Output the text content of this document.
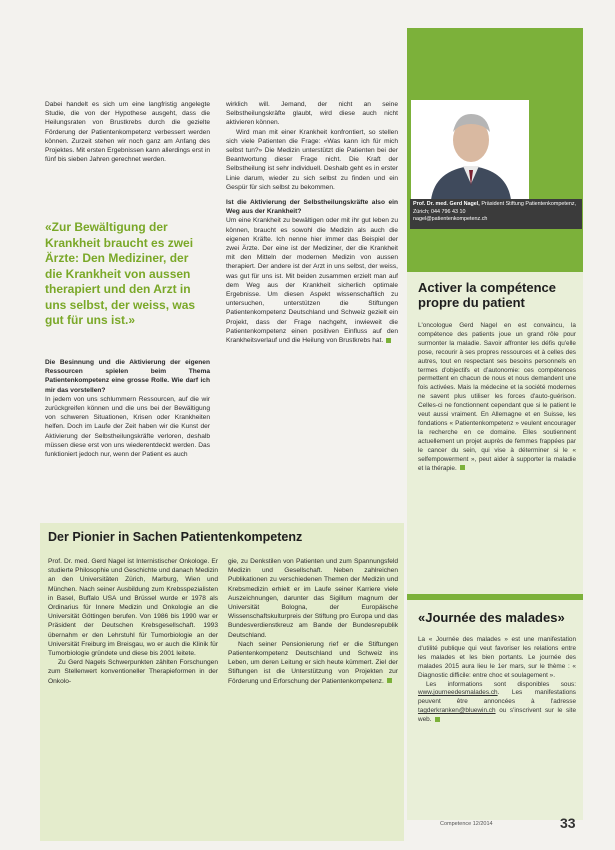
Dabei handelt es sich um eine langfristig angelegte Studie, die von der Hypothese ausgeht, dass die Heilungsraten von Brustkrebs durch die gezielte Förderung der Patientenkompetenz verbessert werden können. Zurzeit stehen wir noch ganz am Anfang des Projektes. Mit ersten Ergebnissen kann allerdings erst in fünf bis sieben Jahren gerechnet werden.

«Zur Bewältigung der Krankheit braucht es zwei Ärzte: Den Mediziner, der die Krankheit von aussen therapiert und den Arzt in uns selbst, der weiss, was gut für uns ist.»

Die Besinnung und die Aktivierung der eigenen Ressourcen spielen beim Thema Patientenkompetenz eine grosse Rolle. Wie darf ich mir das vorstellen?

In jedem von uns schlummern Ressourcen, auf die wir zurückgreifen können und die uns bei der Bewältigung von schweren Situationen, Krisen oder Krankheiten helfen. Doch im Laufe der Zeit haben wir die Kunst der Aktivierung der Selbstheilungskräfte verloren, deshalb müssen diese erst von uns wiederentdeckt werden. Das funktioniert jedoch nur, wenn der Patient es auch

wirklich will. Jemand, der nicht an seine Selbstheilungskräfte glaubt, wird diese auch nicht aktivieren können.

Wird man mit einer Krankheit konfrontiert, so stellen sich viele Patienten die Frage: «Was kann ich für mich selbst tun?» Die Medizin unterstützt die Patienten bei der Beantwortung dieser Frage nicht. Die Kraft der Selbstheilung ist sehr individuell. Deshalb geht es in erster Linie darum, wieder zu sich selbst zu finden und ein Gespür für sich selbst zu bekommen.

Ist die Aktivierung der Selbstheilungskräfte also ein Weg aus der Krankheit?

Um eine Krankheit zu bewältigen oder mit ihr gut leben zu können, braucht es sowohl die Medizin als auch die eigenen Kräfte. Ich nenne hier immer das Beispiel der zwei Ärzte. Der eine ist der Mediziner, der die Krankheit mit den Mitteln der modernen Medizin von aussen therapiert. Der andere ist der Arzt in uns selbst, der weiss, was gut für uns ist. Mit beiden zusammen erzielt man auf dem Weg aus der Krankheit sicherlich optimale Ergebnisse. Um diesen Aspekt wissenschaftlich zu untersuchen, unterstützen die Stiftungen Patientenkompetenz Deutschland und Schweiz gezielt ein Projekt, dass der Frage nachgeht, inwieweit die Patientenkompetenz einen positiven Einfluss auf den Krankheitsverlauf und die Heilung von Brustkrebs hat.

Der Pionier in Sachen Patientenkompetenz

Prof. Dr. med. Gerd Nagel ist Internistischer Onkologe. Er studierte Philosophie und Geschichte und danach Medizin an den Universitäten Zürich, Marburg, Wien und München. Nach seiner Ausbildung zum Krebsspezialisten in Basel, Buffalo USA und Brüssel wurde er 1978 als Ordinarius für Innere Medizin und Onkologie an die Universität Göttingen berufen. Von 1986 bis 1990 war er Präsident der Deutschen Krebsgesellschaft. 1993 übernahm er den Lehrstuhl für Tumorbiologie an der Universität Freiburg im Breisgau, wo er auch die Klinik für Tumorbiologie gründete und diese bis 2001 leitete.

Zu Gerd Nagels Schwerpunkten zählten Forschungen zum Stellenwert konventioneller Therapieformen in der Onkolo-

gie, zu Denkstilen von Patienten und zum Spannungsfeld Medizin und Gesellschaft. Neben zahlreichen Publikationen zu verschiedenen Themen der Medizin und Krebsmedizin erhielt er im Laufe seiner Karriere viele Auszeichnungen, darunter das Sigillum magnum der Universität Bologna, der Europäische Wissenschaftskulturpreis der Stiftung pro Europa und das Bundesverdienstkreuz am Bande der Bundesrepublik Deutschland.

Nach seiner Pensionierung rief er die Stiftungen Patientenkompetenz Deutschland und Schweiz ins Leben, um deren Leitung er sich heute kümmert. Ziel der Stiftungen ist die Unterstützung von Projekten zur Förderung und Erforschung der Patientenkompetenz.

Prof. Dr. med. Gerd Nagel, Präsident Stiftung Patientenkompetenz, Zürich; 044 796 43 10
nagel@patientenkompetenz.ch
Activer la compétence propre du patient

L'oncologue Gerd Nagel en est convaincu, la compétence des patients joue un grand rôle pour surmonter la maladie. Savoir affronter les défis qu'elle pose, recourir à ses propres ressources et à celles des autres, tout en respectant ses besoins personnels en termes d'objectifs et d'autonomie: ces compétences permettent en chacun de nous et nous demandent une fois activées. Mais la médecine et la société modernes ne savent plus utiliser les forces d'auto-guérison. Celles-ci ne fonctionnent cependant que si le patient le veut aussi vraiment. En Allemagne et en Suisse, les fondations « Patientenkompetenz » veulent encourager la recherche en ce domaine. Elles soutiennent actuellement un projet auprès de femmes frappées par le cancer du sein, qui vise à déterminer si le « selfempowerment », peut aider à supporter la maladie et la thérapie.

«Journée des malades»

La « Journée des malades » est une manifestation d'utilité publique qui veut favoriser les relations entre les malades et les bien portants. Le journée des malades 2015 aura lieu le 1er mars, sur le thème : « Diagnostic difficile: entre choc et soulagement ».

Les informations sont disponibles sous: www.journeedesmalades.ch. Les manifestations peuvent être annoncées à l'adresse tagderkranken@bluewin.ch ou s'inscrivent sur le site web.

Competence 12/2014	33
